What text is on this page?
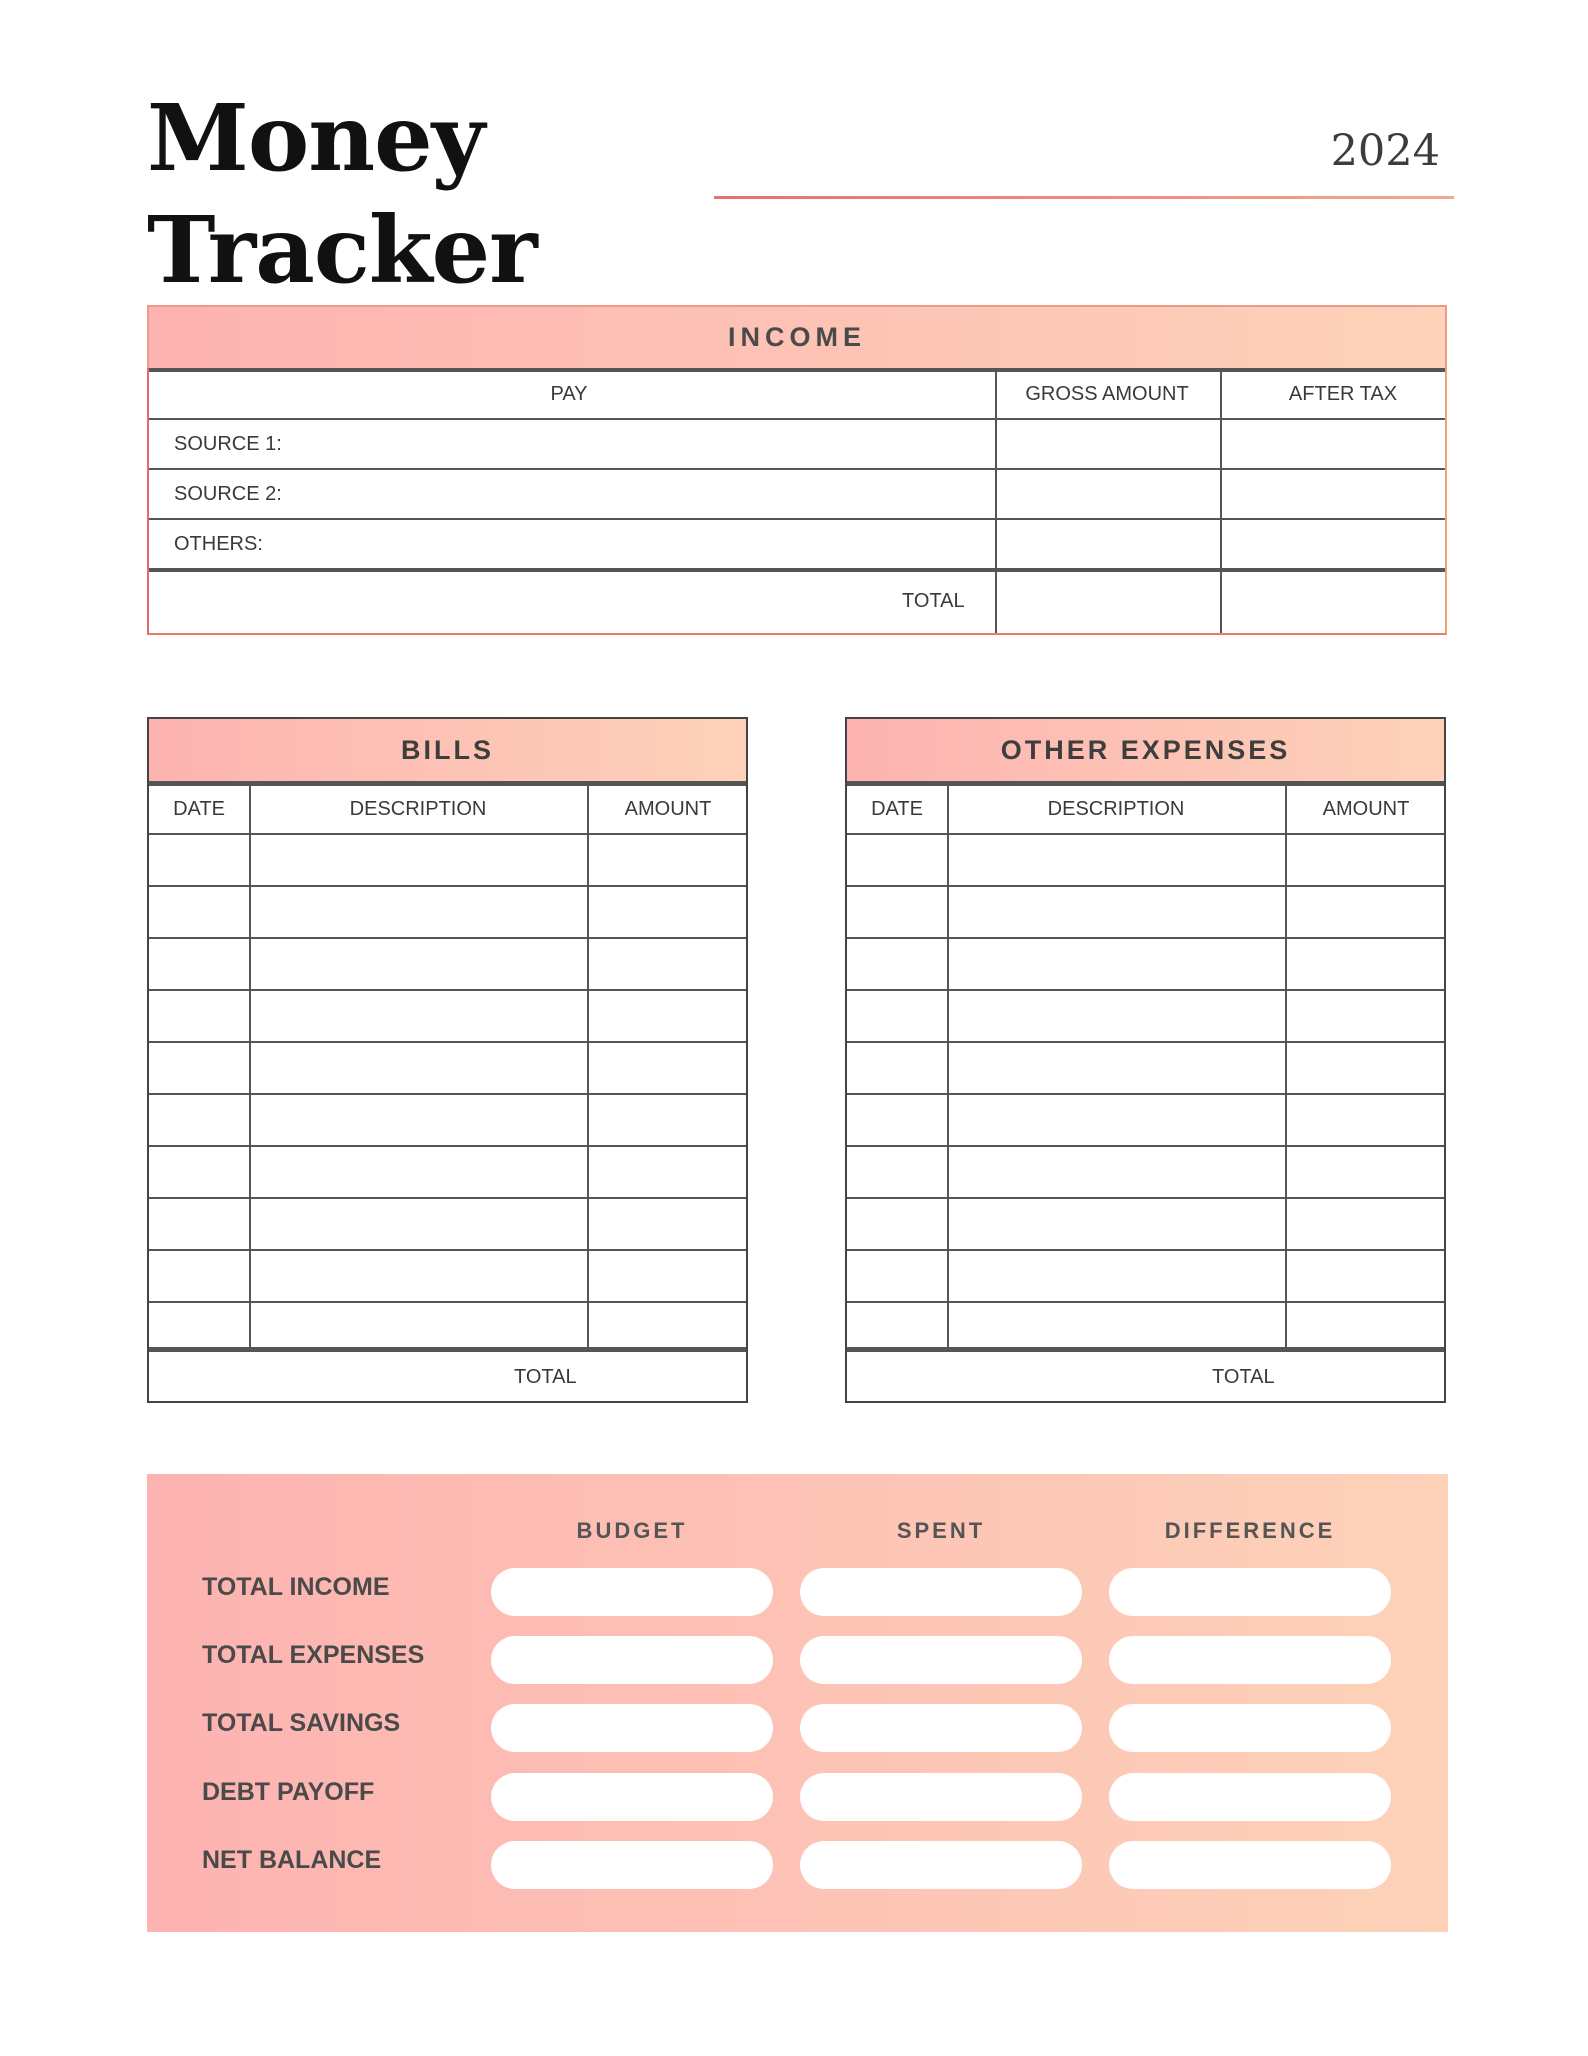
Money
Tracker
2024
INCOME
PAY	GROSS AMOUNT	AFTER TAX
SOURCE 1:
SOURCE 2:
OTHERS:
TOTAL
BILLS
DATE	DESCRIPTION	AMOUNT
TOTAL
OTHER EXPENSES
DATE	DESCRIPTION	AMOUNT
TOTAL
BUDGET	SPENT	DIFFERENCE
TOTAL INCOME
TOTAL EXPENSES
TOTAL SAVINGS
DEBT PAYOFF
NET BALANCE
